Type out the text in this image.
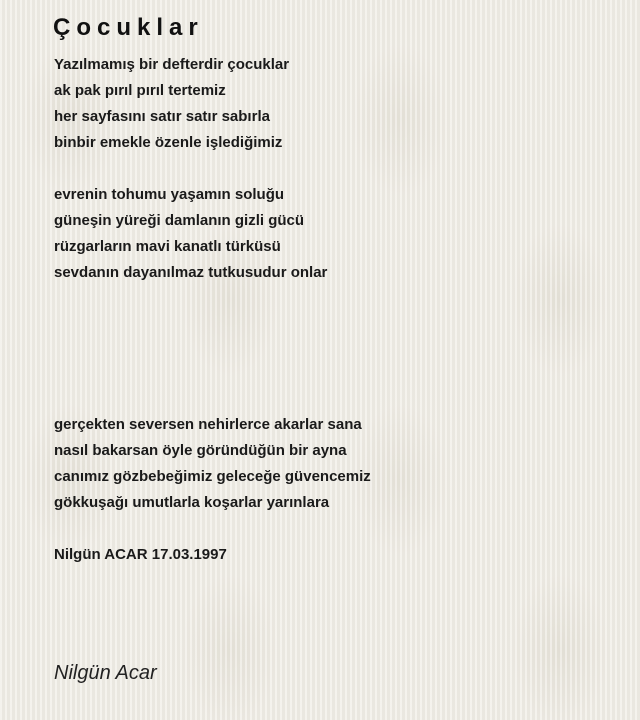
Çocuklar
Yazılmamış bir defterdir çocuklar
ak pak pırıl pırıl tertemiz
her sayfasını satır satır sabırla
binbir emekle özenle işlediğimiz
evrenin tohumu yaşamın soluğu
güneşin yüreği damlanın gizli gücü
rüzgarların mavi kanatlı türküsü
sevdanın dayanılmaz tutkusudur onlar
gerçekten seversen nehirlerce akarlar sana
nasıl bakarsan öyle göründüğün bir ayna
canımız gözbebeğimiz geleceğe güvencemiz
gökkuşağı umutlarla koşarlar yarınlara
Nilgün ACAR 17.03.1997
Nilgün Acar
